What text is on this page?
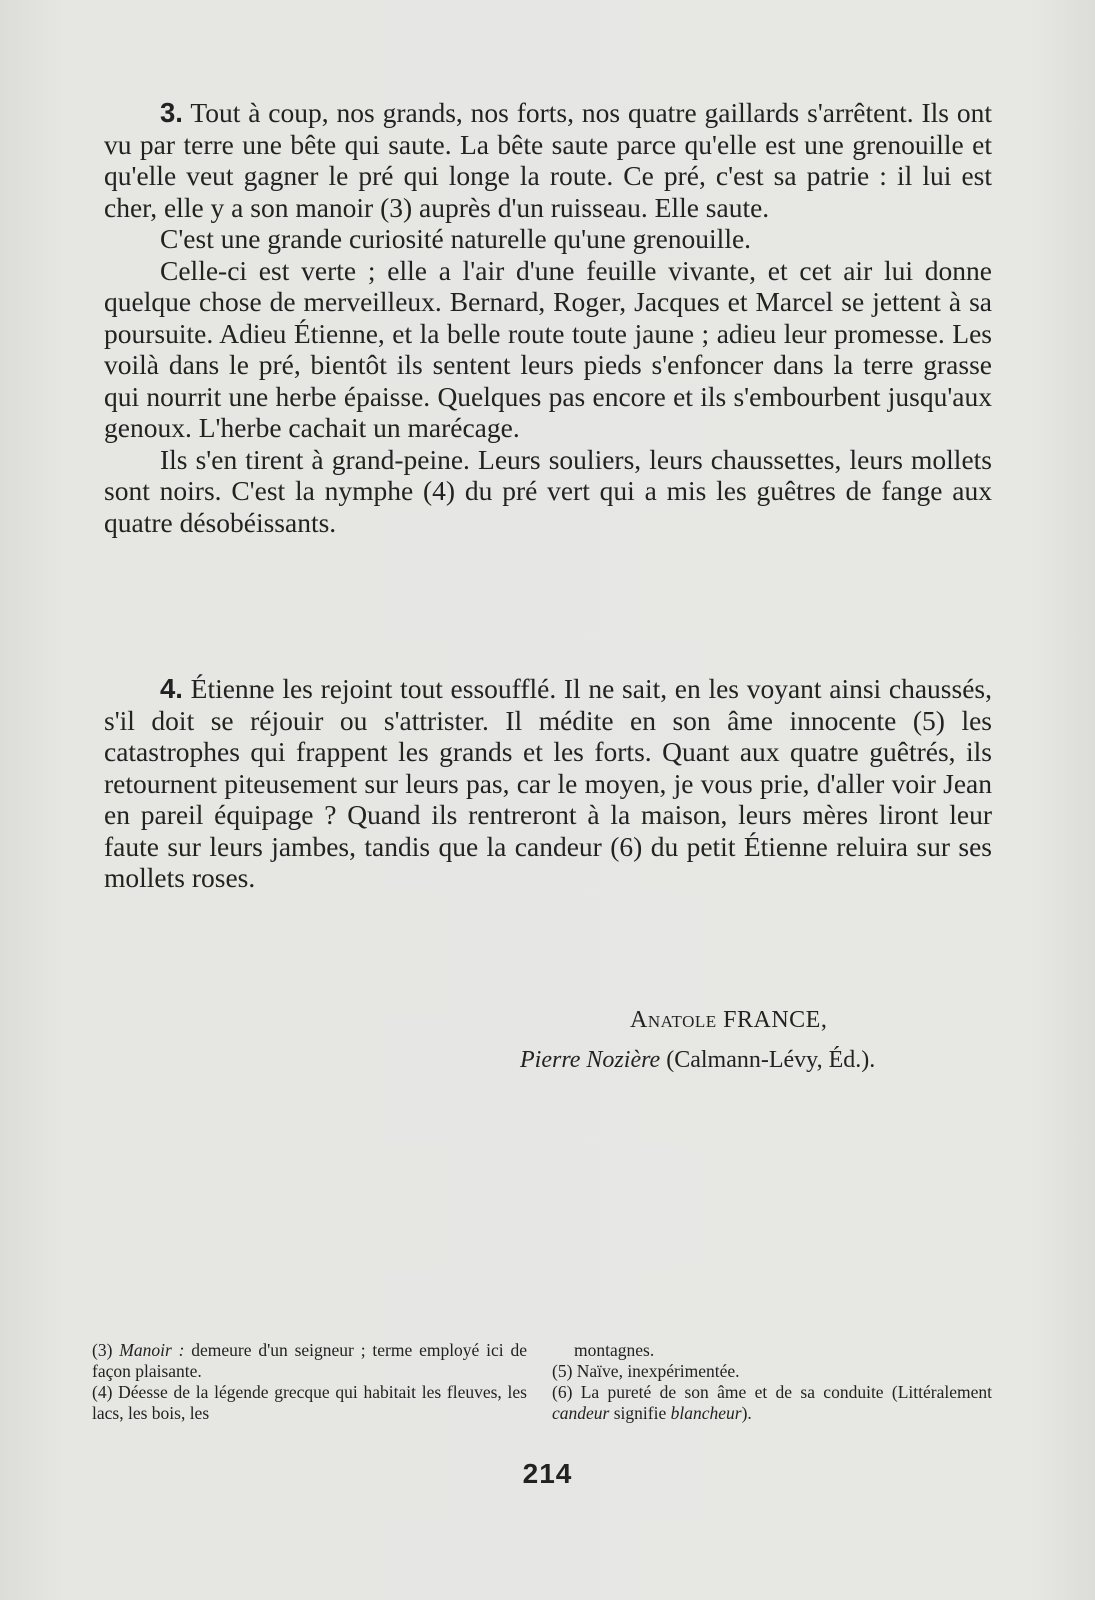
3. Tout à coup, nos grands, nos forts, nos quatre gaillards s'arrêtent. Ils ont vu par terre une bête qui saute. La bête saute parce qu'elle est une grenouille et qu'elle veut gagner le pré qui longe la route. Ce pré, c'est sa patrie : il lui est cher, elle y a son manoir (3) auprès d'un ruisseau. Elle saute.

C'est une grande curiosité naturelle qu'une grenouille.

Celle-ci est verte ; elle a l'air d'une feuille vivante, et cet air lui donne quelque chose de merveilleux. Bernard, Roger, Jacques et Marcel se jettent à sa poursuite. Adieu Étienne, et la belle route toute jaune ; adieu leur promesse. Les voilà dans le pré, bientôt ils sentent leurs pieds s'enfoncer dans la terre grasse qui nourrit une herbe épaisse. Quelques pas encore et ils s'embourbent jusqu'aux genoux. L'herbe cachait un marécage.

Ils s'en tirent à grand-peine. Leurs souliers, leurs chaussettes, leurs mollets sont noirs. C'est la nymphe (4) du pré vert qui a mis les guêtres de fange aux quatre désobéissants.

4. Étienne les rejoint tout essoufflé. Il ne sait, en les voyant ainsi chaussés, s'il doit se réjouir ou s'attrister. Il médite en son âme innocente (5) les catastrophes qui frappent les grands et les forts. Quant aux quatre guêtrés, ils retournent piteusement sur leurs pas, car le moyen, je vous prie, d'aller voir Jean en pareil équipage ? Quand ils rentreront à la maison, leurs mères liront leur faute sur leurs jambes, tandis que la candeur (6) du petit Étienne reluira sur ses mollets roses.

Anatole FRANCE,
Pierre Nozière (Calmann-Lévy, Éd.).

(3) Manoir : demeure d'un seigneur ; terme employé ici de façon plaisante.

(4) Déesse de la légende grecque qui habitait les fleuves, les lacs, les bois, les

montagnes.

(5) Naïve, inexpérimentée.

(6) La pureté de son âme et de sa conduite (Littéralement candeur signifie blancheur).

214
